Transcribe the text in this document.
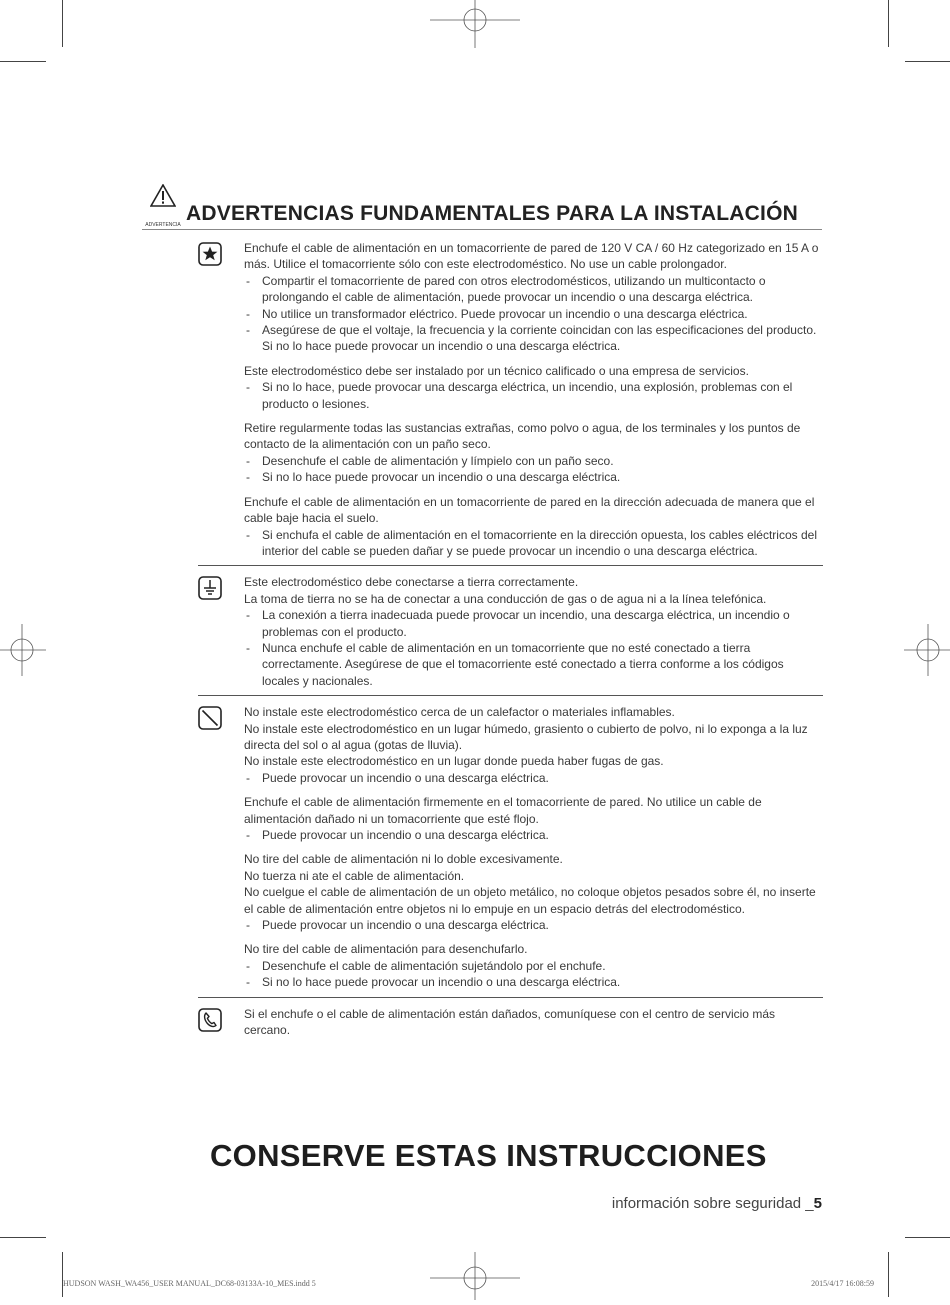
ADVERTENCIA ADVERTENCIAS FUNDAMENTALES PARA LA INSTALACIÓN
Enchufe el cable de alimentación en un tomacorriente de pared de 120 V CA / 60 Hz categorizado en 15 A o más. Utilice el tomacorriente sólo con este electrodoméstico. No use un cable prolongador.
- Compartir el tomacorriente de pared con otros electrodomésticos, utilizando un multicontacto o prolongando el cable de alimentación, puede provocar un incendio o una descarga eléctrica.
- No utilice un transformador eléctrico. Puede provocar un incendio o una descarga eléctrica.
- Asegúrese de que el voltaje, la frecuencia y la corriente coincidan con las especificaciones del producto. Si no lo hace puede provocar un incendio o una descarga eléctrica.
Este electrodoméstico debe ser instalado por un técnico calificado o una empresa de servicios.
- Si no lo hace, puede provocar una descarga eléctrica, un incendio, una explosión, problemas con el producto o lesiones.
Retire regularmente todas las sustancias extrañas, como polvo o agua, de los terminales y los puntos de contacto de la alimentación con un paño seco.
- Desenchufe el cable de alimentación y límpielo con un paño seco.
- Si no lo hace puede provocar un incendio o una descarga eléctrica.
Enchufe el cable de alimentación en un tomacorriente de pared en la dirección adecuada de manera que el cable baje hacia el suelo.
- Si enchufa el cable de alimentación en el tomacorriente en la dirección opuesta, los cables eléctricos del interior del cable se pueden dañar y se puede provocar un incendio o una descarga eléctrica.
Este electrodoméstico debe conectarse a tierra correctamente.
La toma de tierra no se ha de conectar a una conducción de gas o de agua ni a la línea telefónica.
- La conexión a tierra inadecuada puede provocar un incendio, una descarga eléctrica, un incendio o problemas con el producto.
- Nunca enchufe el cable de alimentación en un tomacorriente que no esté conectado a tierra correctamente. Asegúrese de que el tomacorriente esté conectado a tierra conforme a los códigos locales y nacionales.
No instale este electrodoméstico cerca de un calefactor o materiales inflamables.
No instale este electrodoméstico en un lugar húmedo, grasiento o cubierto de polvo, ni lo exponga a la luz directa del sol o al agua (gotas de lluvia).
No instale este electrodoméstico en un lugar donde pueda haber fugas de gas.
- Puede provocar un incendio o una descarga eléctrica.
Enchufe el cable de alimentación firmemente en el tomacorriente de pared. No utilice un cable de alimentación dañado ni un tomacorriente que esté flojo.
- Puede provocar un incendio o una descarga eléctrica.
No tire del cable de alimentación ni lo doble excesivamente.
No tuerza ni ate el cable de alimentación.
No cuelgue el cable de alimentación de un objeto metálico, no coloque objetos pesados sobre él, no inserte el cable de alimentación entre objetos ni lo empuje en un espacio detrás del electrodoméstico.
- Puede provocar un incendio o una descarga eléctrica.
No tire del cable de alimentación para desenchufarlo.
- Desenchufe el cable de alimentación sujetándolo por el enchufe.
- Si no lo hace puede provocar un incendio o una descarga eléctrica.
Si el enchufe o el cable de alimentación están dañados, comuníquese con el centro de servicio más cercano.
CONSERVE ESTAS INSTRUCCIONES
información sobre seguridad _5
HUDSON WASH_WA456_USER MANUAL_DC68-03133A-10_MES.indd 5	2015/4/17 16:08:59
